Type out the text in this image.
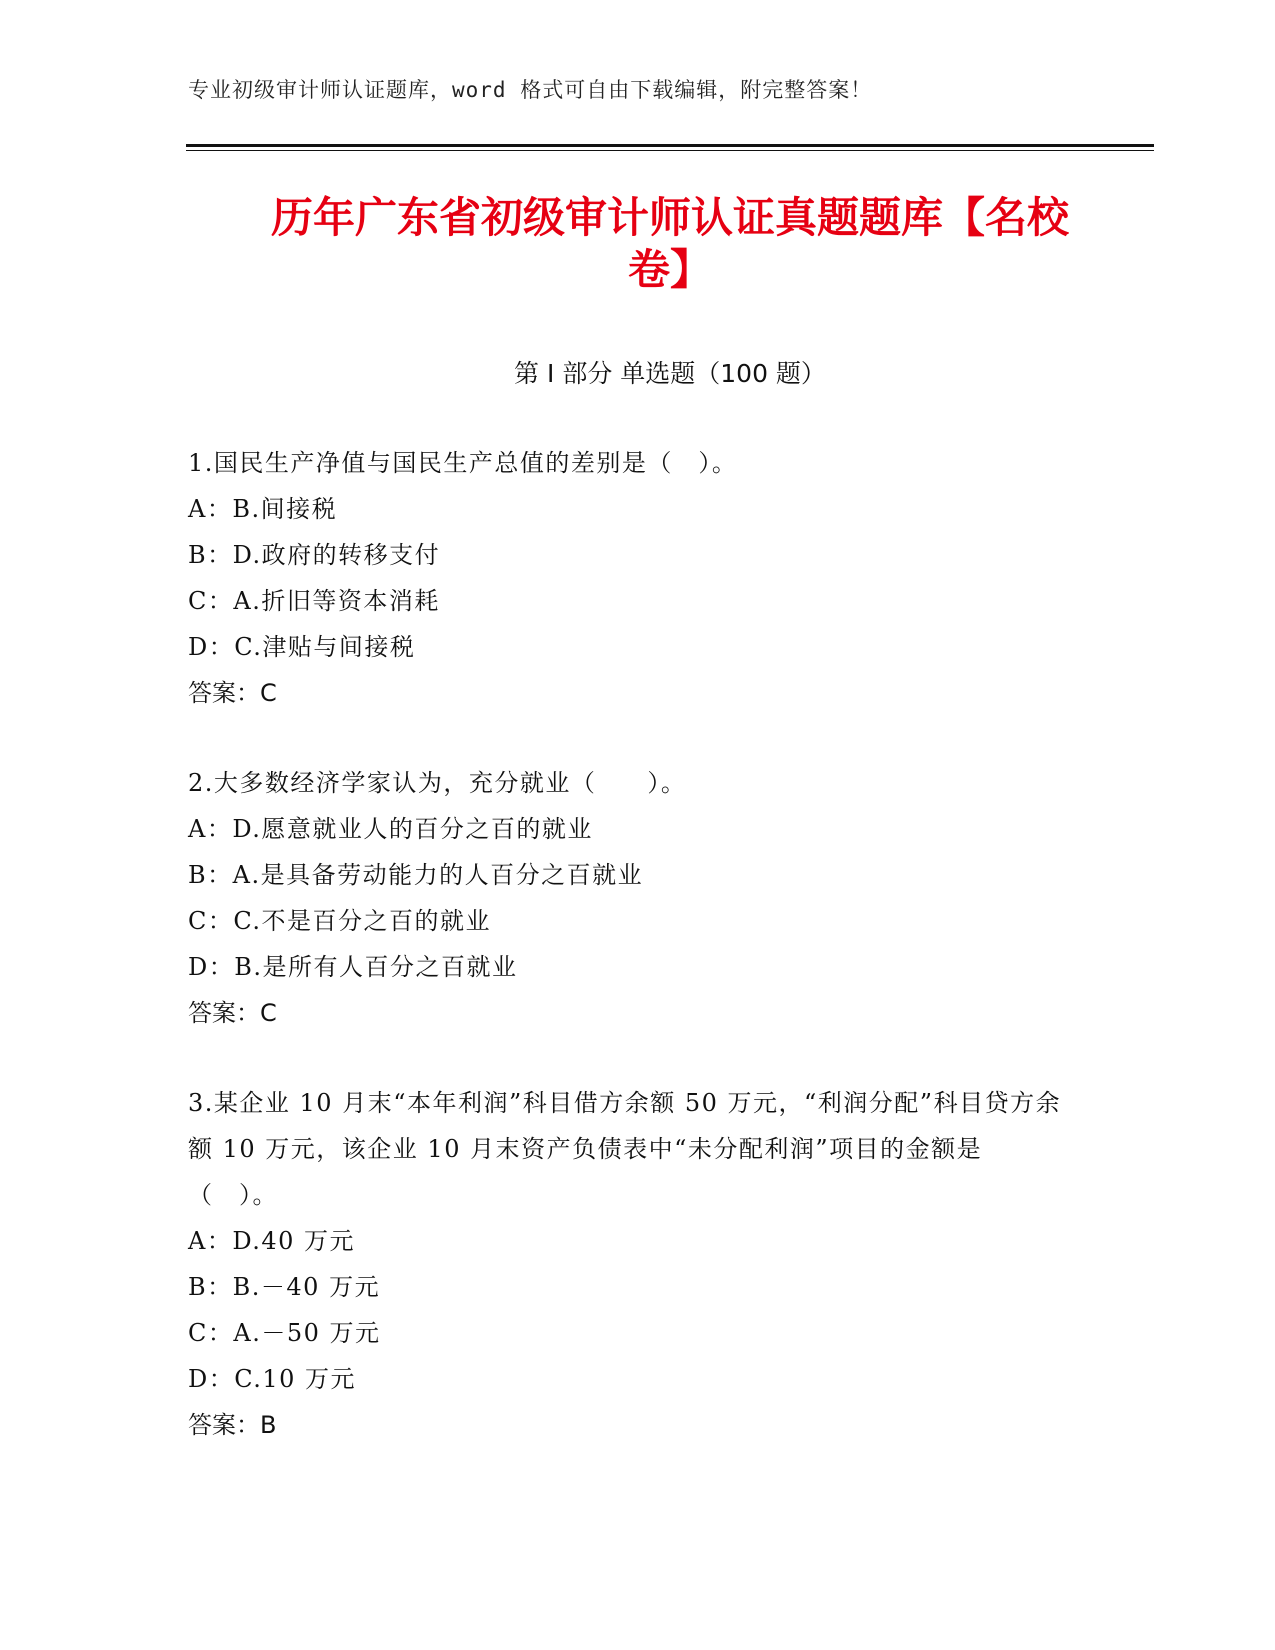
专业初级审计师认证题库，word 格式可自由下载编辑，附完整答案！
历年广东省初级审计师认证真题题库【名校
卷】
第 I 部分 单选题（100 题）
1.国民生产净值与国民生产总值的差别是（　）。
A：B.间接税
B：D.政府的转移支付
C：A.折旧等资本消耗
D：C.津贴与间接税
答案：C
2.大多数经济学家认为，充分就业（　　）。
A：D.愿意就业人的百分之百的就业
B：A.是具备劳动能力的人百分之百就业
C：C.不是百分之百的就业
D：B.是所有人百分之百就业
答案：C
3.某企业 10 月末“本年利润”科目借方余额 50 万元，“利润分配”科目贷方余额 10 万元，该企业 10 月末资产负债表中“未分配利润”项目的金额是（　）。
A：D.40 万元
B：B.－40 万元
C：A.－50 万元
D：C.10 万元
答案：B
